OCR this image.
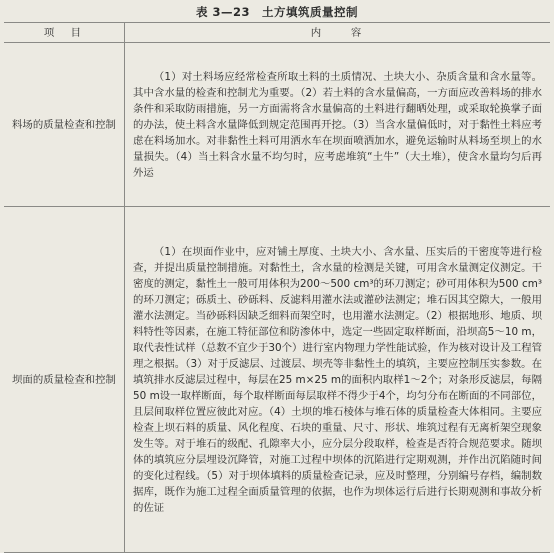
表 3—23　土方填筑质量控制
项　目	内　　容
料场的质量检查和控制	（1）对土料场应经常检查所取土料的土质情况、土块大小、杂质含量和含水量等。其中含水量的检查和控制尤为重要。（2）若土料的含水量偏高，一方面应改善料场的排水条件和采取防雨措施，另一方面需将含水量偏高的土料进行翻晒处理，或采取轮换掌子面的办法，使土料含水量降低到规定范围再开挖。（3）当含水量偏低时，对于黏性土料应考虑在料场加水。对非黏性土料可用洒水车在坝面喷洒加水，避免运输时从料场至坝上的水量损失。（4）当土料含水量不均匀时，应考虑堆筑“土牛”（大土堆），使含水量均匀后再外运

坝面的质量检查和控制	（1）在坝面作业中，应对铺土厚度、土块大小、含水量、压实后的干密度等进行检查，并提出质量控制措施。对黏性土，含水量的检测是关键，可用含水量测定仪测定。干密度的测定，黏性土一般可用体积为200～500 cm³的环刀测定；砂可用体积为500 cm³的环刀测定；砾质土、砂砾料、反滤料用灌水法或灌砂法测定；堆石因其空隙大，一般用灌水法测定。当砂砾料因缺乏细料而架空时，也用灌水法测定。（2）根据地形、地质、坝料特性等因素，在施工特征部位和防渗体中，选定一些固定取样断面，沿坝高5～10 m，取代表性试样（总数不宜少于30个）进行室内物理力学性能试验，作为核对设计及工程管理之根据。（3）对于反滤层、过渡层、坝壳等非黏性土的填筑，主要应控制压实参数。在填筑排水反滤层过程中，每层在25 m×25 m的面积内取样1～2个；对条形反滤层，每隔50 m设一取样断面，每个取样断面每层取样不得少于4个，均匀分布在断面的不同部位，且层间取样位置应彼此对应。（4）土坝的堆石棱体与堆石体的质量检查大体相同。主要应检查上坝石料的质量、风化程度、石块的重量、尺寸、形状、堆筑过程有无离析架空现象发生等。对于堆石的级配、孔隙率大小，应分层分段取样，检查是否符合规范要求。随坝体的填筑应分层埋设沉降管，对施工过程中坝体的沉陷进行定期观测，并作出沉陷随时间的变化过程线。（5）对于坝体填料的质量检查记录，应及时整理，分别编号存档，编制数据库，既作为施工过程全面质量管理的依据，也作为坝体运行后进行长期观测和事故分析的佐证
